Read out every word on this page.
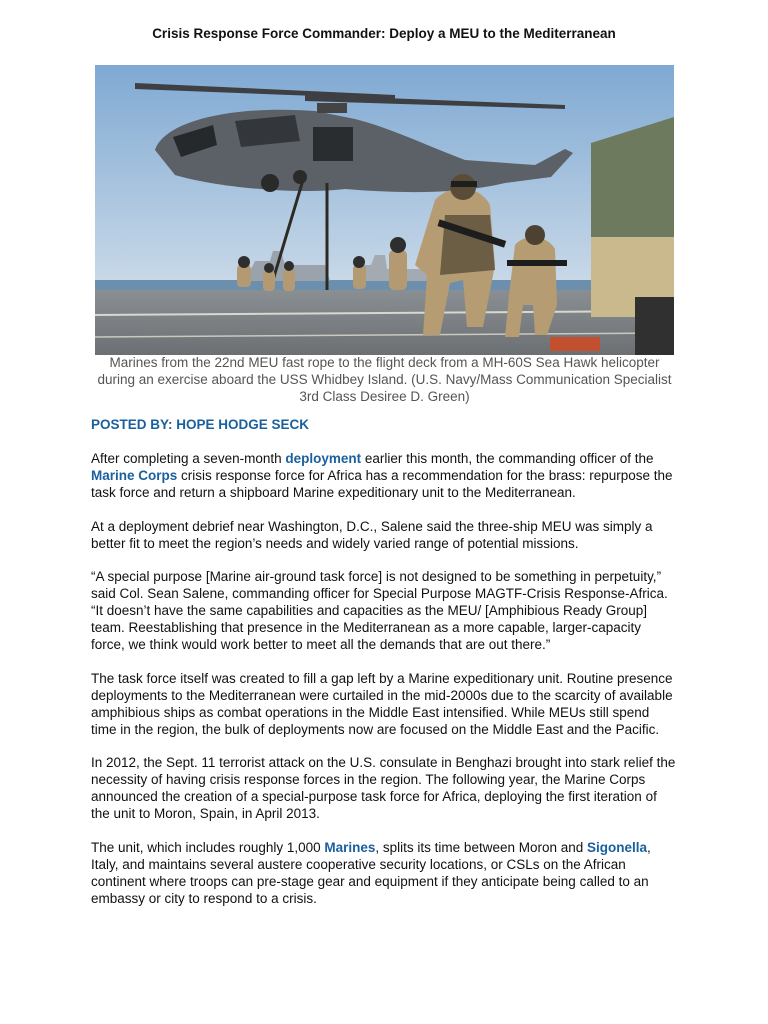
Crisis Response Force Commander: Deploy a MEU to the Mediterranean

Marines from the 22nd MEU fast rope to the flight deck from a MH-60S Sea Hawk helicopter during an exercise aboard the USS Whidbey Island. (U.S. Navy/Mass Communication Specialist 3rd Class Desiree D. Green)

POSTED BY: HOPE HODGE SECK

After completing a seven-month deployment earlier this month, the commanding officer of the Marine Corps crisis response force for Africa has a recommendation for the brass: repurpose the task force and return a shipboard Marine expeditionary unit to the Mediterranean.

At a deployment debrief near Washington, D.C., Salene said the three-ship MEU was simply a better fit to meet the region’s needs and widely varied range of potential missions.

“A special purpose [Marine air-ground task force] is not designed to be something in perpetuity,” said Col. Sean Salene, commanding officer for Special Purpose MAGTF-Crisis Response-Africa. “It doesn’t have the same capabilities and capacities as the MEU/ [Amphibious Ready Group] team. Reestablishing that presence in the Mediterranean as a more capable, larger-capacity force, we think would work better to meet all the demands that are out there.”

The task force itself was created to fill a gap left by a Marine expeditionary unit. Routine presence deployments to the Mediterranean were curtailed in the mid-2000s due to the scarcity of available amphibious ships as combat operations in the Middle East intensified. While MEUs still spend time in the region, the bulk of deployments now are focused on the Middle East and the Pacific.

In 2012, the Sept. 11 terrorist attack on the U.S. consulate in Benghazi brought into stark relief the necessity of having crisis response forces in the region. The following year, the Marine Corps announced the creation of a special-purpose task force for Africa, deploying the first iteration of the unit to Moron, Spain, in April 2013.

The unit, which includes roughly 1,000 Marines, splits its time between Moron and Sigonella, Italy, and maintains several austere cooperative security locations, or CSLs on the African continent where troops can pre-stage gear and equipment if they anticipate being called to an embassy or city to respond to a crisis.
